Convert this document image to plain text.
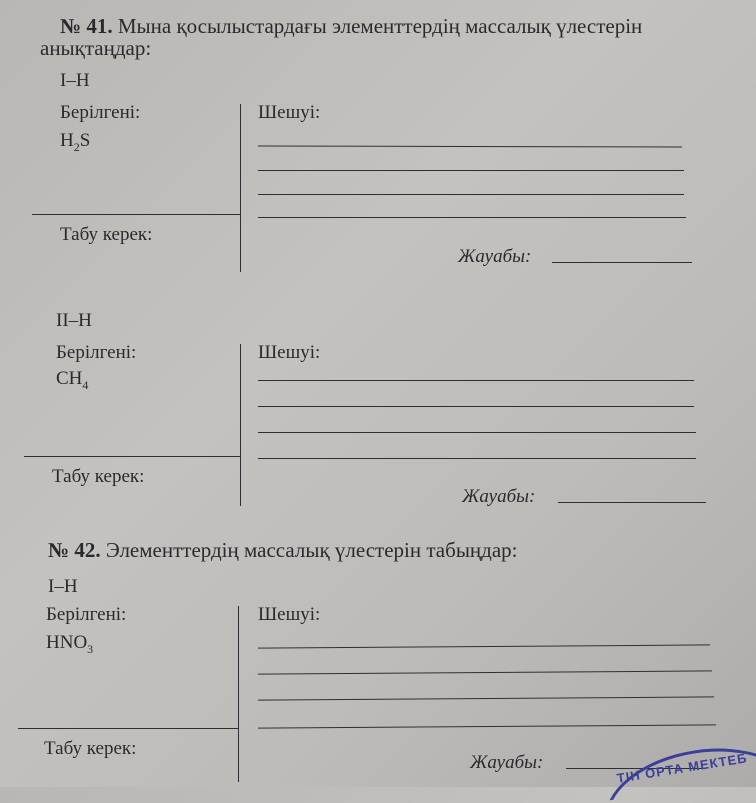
№ 41. Мына қосылыстардағы элементтердің массалық үлестерін
анықтаңдар:
I–H
Берілгені:
$H_2S$
Шешуі:
Табу керек:
Жауабы:
II–H
Берілгені:
$CH_4$
Шешуі:
Табу керек:
Жауабы:
№ 42. Элементтердің массалық үлестерін табыңдар:
I–H
Берілгені:
$HNO_3$
Шешуі:
Табу керек:
Жауабы:	ТІН ОРТА МЕКТЕБ
